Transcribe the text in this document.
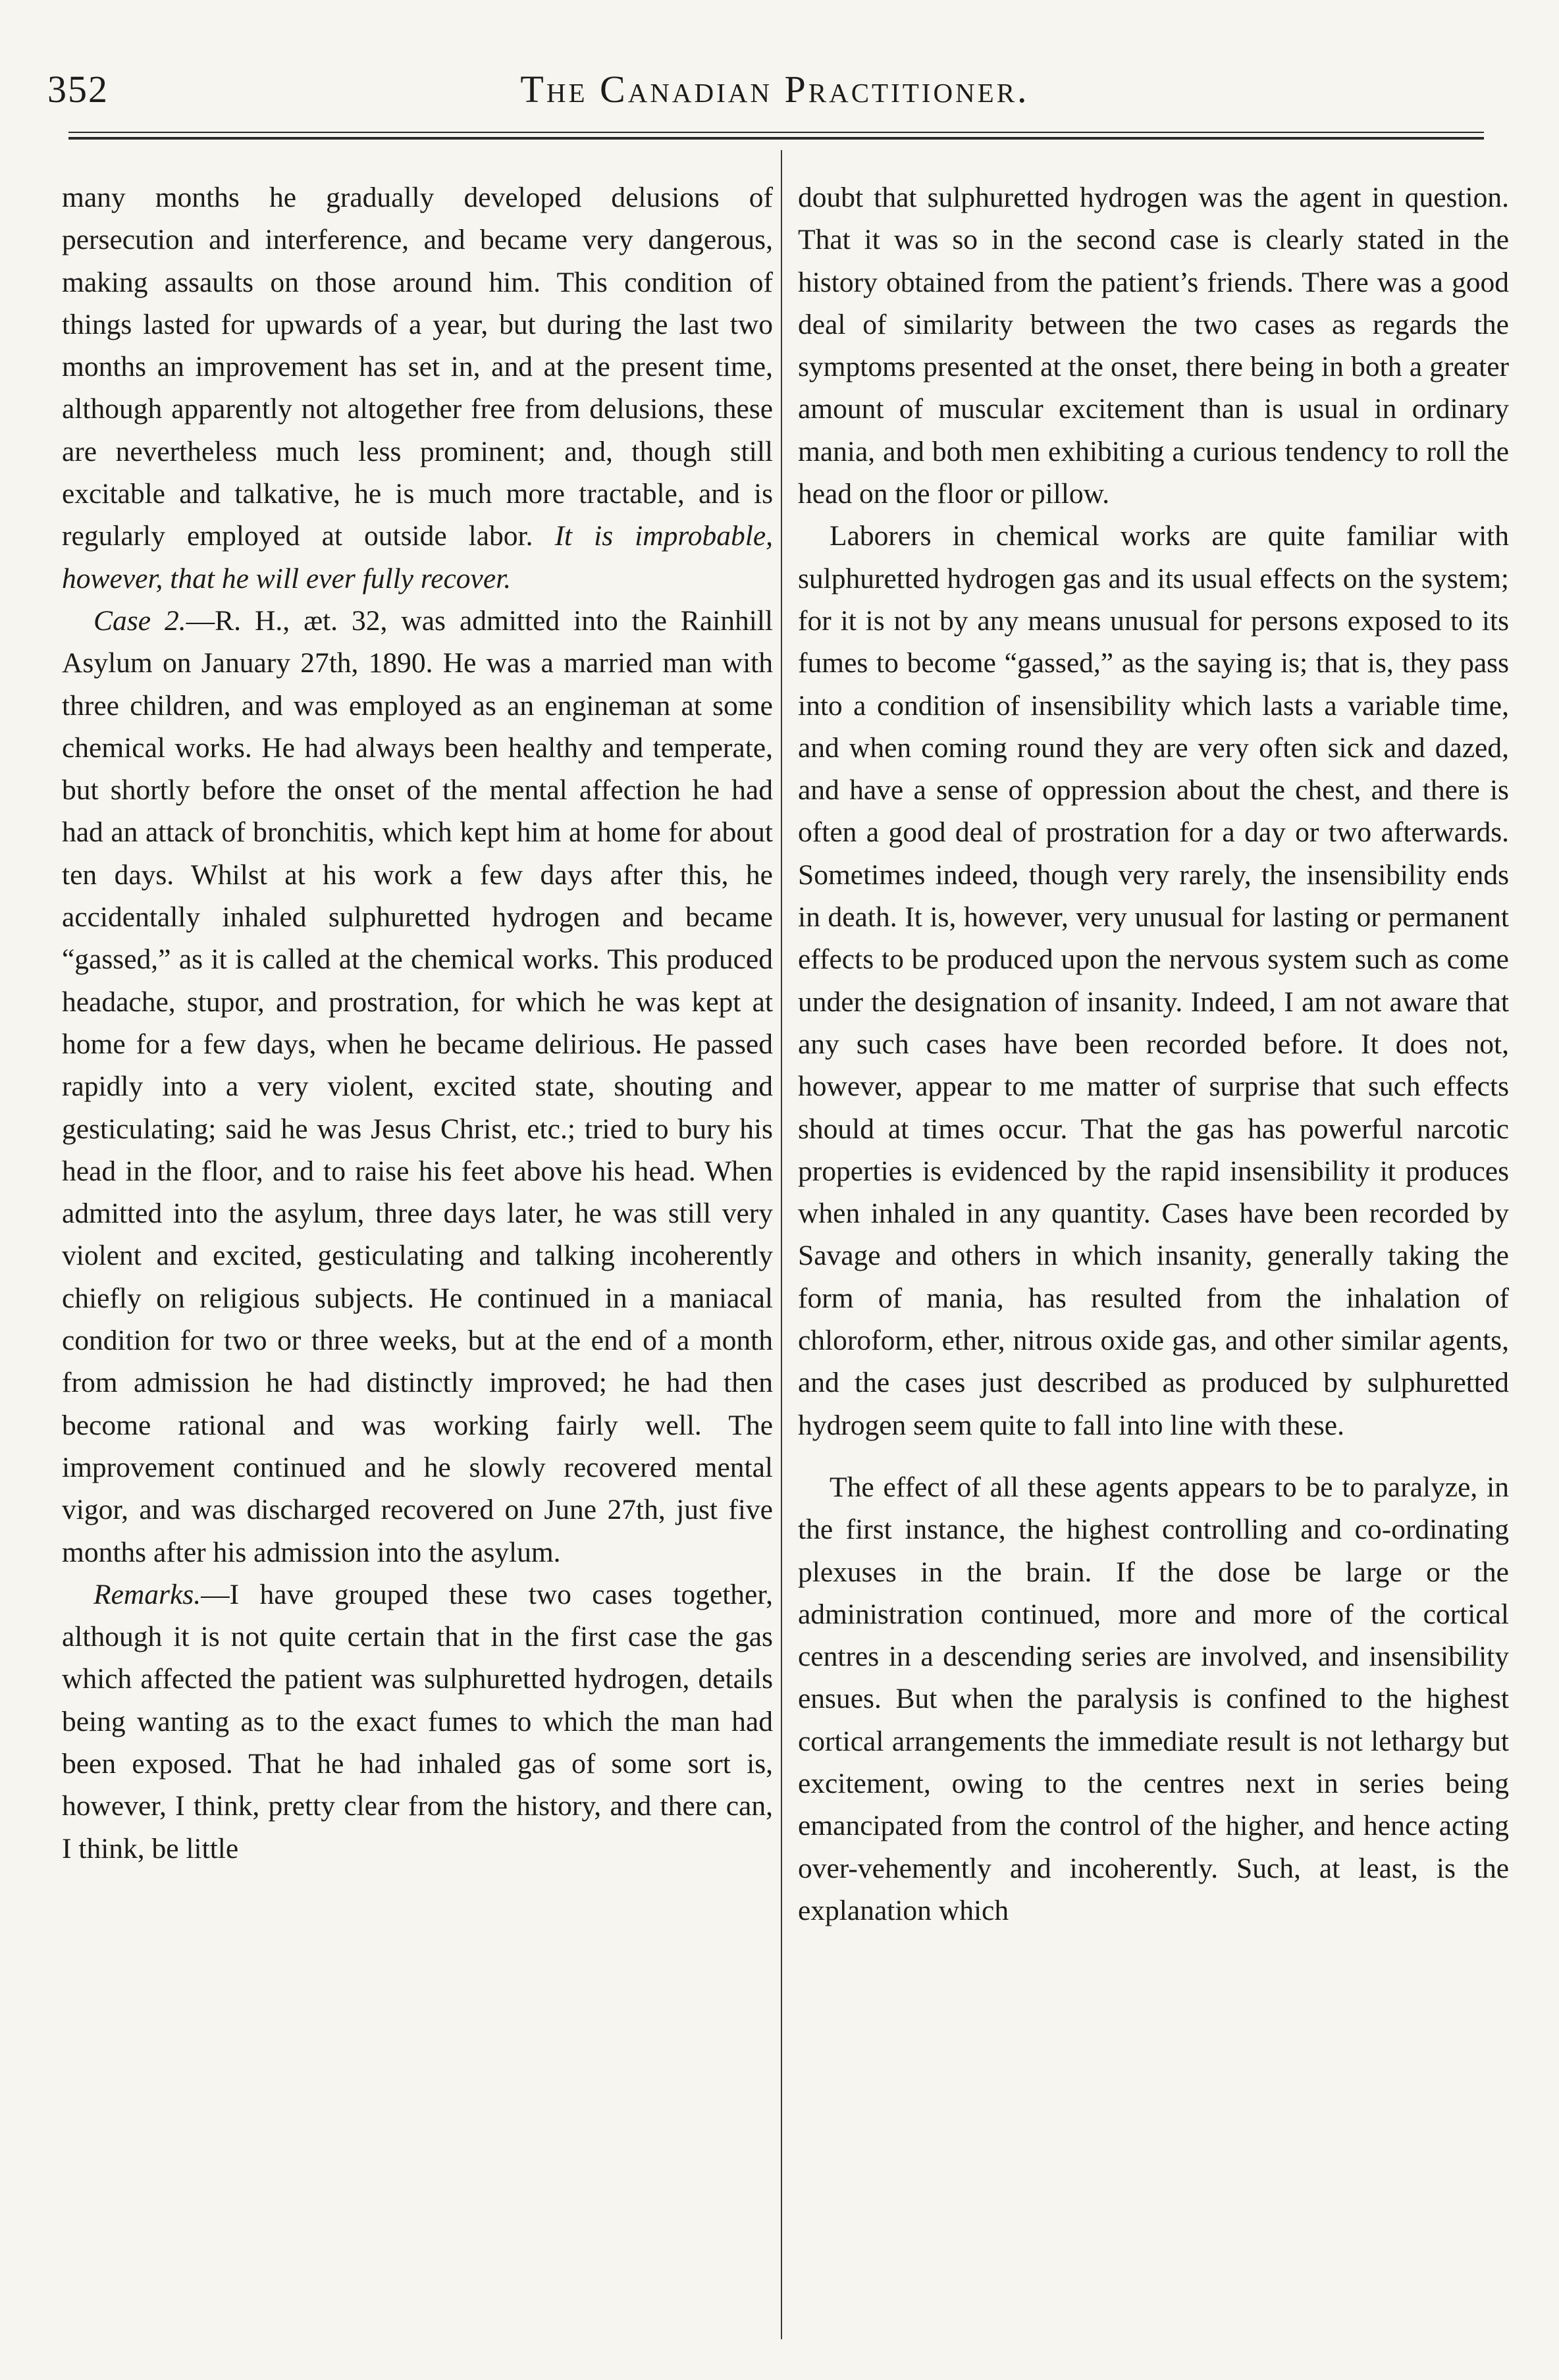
352	The Canadian Practitioner.

many months he gradually developed delusions of persecution and interference, and became very dangerous, making assaults on those around him. This condition of things lasted for upwards of a year, but during the last two months an improvement has set in, and at the present time, although apparently not altogether free from delusions, these are nevertheless much less prominent; and, though still excitable and talkative, he is much more tractable, and is regularly employed at outside labor. It is improbable, however, that he will ever fully recover.

Case 2.—R. H., æt. 32, was admitted into the Rainhill Asylum on January 27th, 1890. He was a married man with three children, and was employed as an engineman at some chemical works. He had always been healthy and temperate, but shortly before the onset of the mental affection he had had an attack of bronchitis, which kept him at home for about ten days. Whilst at his work a few days after this, he accidentally inhaled sulphuretted hydrogen and became “gassed,” as it is called at the chemical works. This produced headache, stupor, and prostration, for which he was kept at home for a few days, when he became delirious. He passed rapidly into a very violent, excited state, shouting and gesticulating; said he was Jesus Christ, etc.; tried to bury his head in the floor, and to raise his feet above his head. When admitted into the asylum, three days later, he was still very violent and excited, gesticulating and talking incoherently chiefly on religious subjects. He continued in a maniacal condition for two or three weeks, but at the end of a month from admission he had distinctly improved; he had then become rational and was working fairly well. The improvement continued and he slowly recovered mental vigor, and was discharged recovered on June 27th, just five months after his admission into the asylum.

Remarks.—I have grouped these two cases together, although it is not quite certain that in the first case the gas which affected the patient was sulphuretted hydrogen, details being wanting as to the exact fumes to which the man had been exposed. That he had inhaled gas of some sort is, however, I think, pretty clear from the history, and there can, I think, be little

doubt that sulphuretted hydrogen was the agent in question. That it was so in the second case is clearly stated in the history obtained from the patient’s friends. There was a good deal of similarity between the two cases as regards the symptoms presented at the onset, there being in both a greater amount of muscular excitement than is usual in ordinary mania, and both men exhibiting a curious tendency to roll the head on the floor or pillow.

Laborers in chemical works are quite familiar with sulphuretted hydrogen gas and its usual effects on the system; for it is not by any means unusual for persons exposed to its fumes to become “gassed,” as the saying is; that is, they pass into a condition of insensibility which lasts a variable time, and when coming round they are very often sick and dazed, and have a sense of oppression about the chest, and there is often a good deal of prostration for a day or two afterwards. Sometimes indeed, though very rarely, the insensibility ends in death. It is, however, very unusual for lasting or permanent effects to be produced upon the nervous system such as come under the designation of insanity. Indeed, I am not aware that any such cases have been recorded before. It does not, however, appear to me matter of surprise that such effects should at times occur. That the gas has powerful narcotic properties is evidenced by the rapid insensibility it produces when inhaled in any quantity. Cases have been recorded by Savage and others in which insanity, generally taking the form of mania, has resulted from the inhalation of chloroform, ether, nitrous oxide gas, and other similar agents, and the cases just described as produced by sulphuretted hydrogen seem quite to fall into line with these.

The effect of all these agents appears to be to paralyze, in the first instance, the highest controlling and co-ordinating plexuses in the brain. If the dose be large or the administration continued, more and more of the cortical centres in a descending series are involved, and insensibility ensues. But when the paralysis is confined to the highest cortical arrangements the immediate result is not lethargy but excitement, owing to the centres next in series being emancipated from the control of the higher, and hence acting over-vehemently and incoherently. Such, at least, is the explanation which
